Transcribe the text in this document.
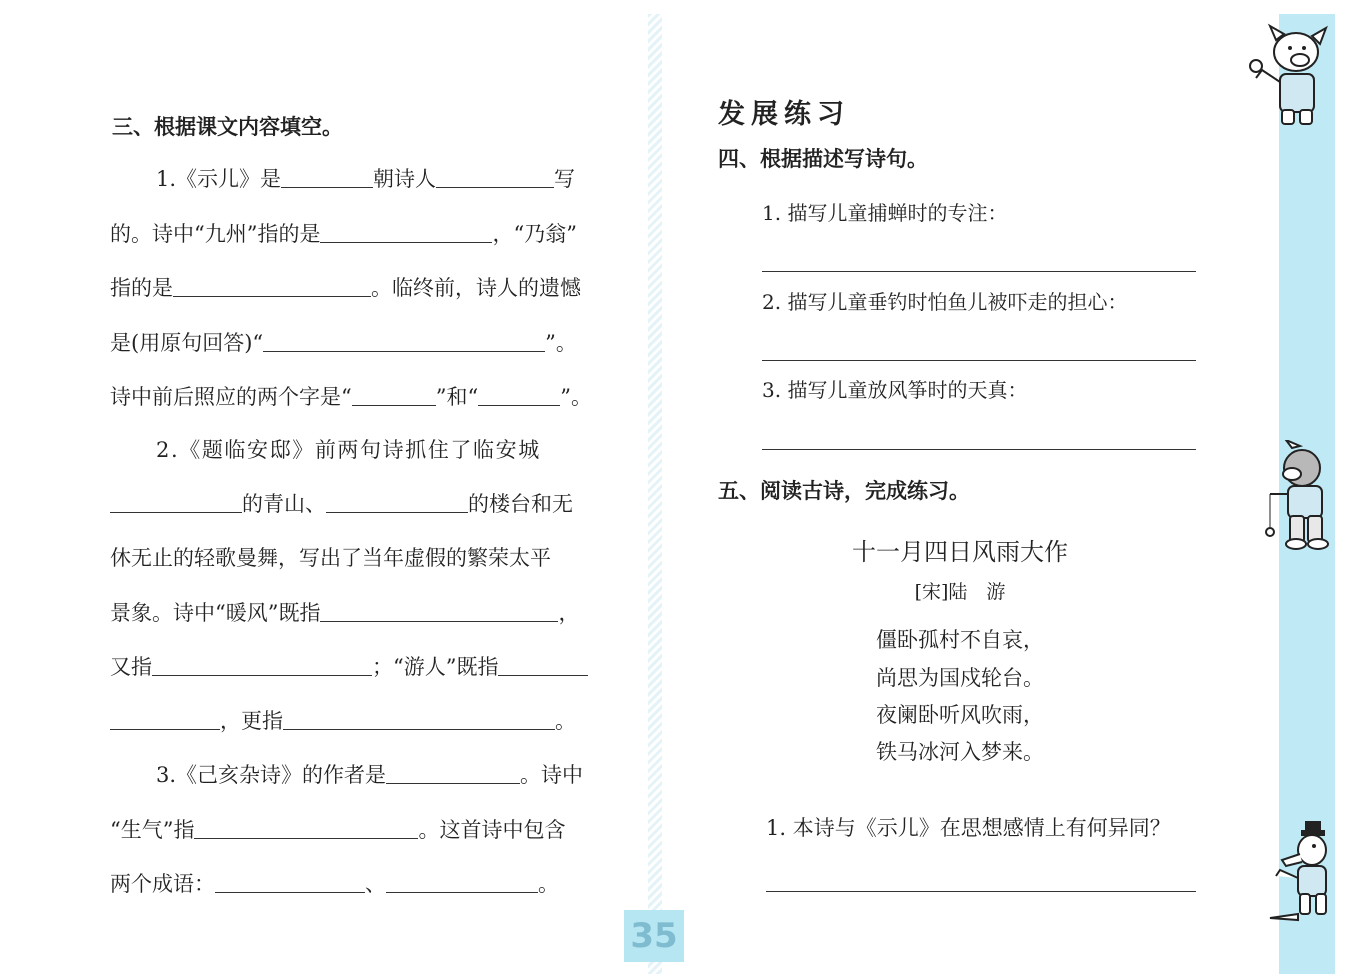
三、根据课文内容填空。
1.《示儿》是	朝诗人	写
的。诗中“九州”指的是	，“乃翁”
指的是	。临终前，诗人的遗憾
是(用原句回答)“	”。
诗中前后照应的两个字是“	”和“	”。
2.《题临安邸》前两句诗抓住了临安城
的青山、	的楼台和无
休无止的轻歌曼舞，写出了当年虚假的繁荣太平
景象。诗中“暖风”既指	，
又指	；“游人”既指
，更指	。
3.《己亥杂诗》的作者是	。诗中
“生气”指	。这首诗中包含
两个成语：	、	。
发展练习
四、根据描述写诗句。
1. 描写儿童捕蝉时的专注：
2. 描写儿童垂钓时怕鱼儿被吓走的担心：
3. 描写儿童放风筝时的天真：
五、阅读古诗，完成练习。
十一月四日风雨大作
[宋]陆　游
僵卧孤村不自哀，
尚思为国戍轮台。
夜阑卧听风吹雨，
铁马冰河入梦来。
1. 本诗与《示儿》在思想感情上有何异同？
35
